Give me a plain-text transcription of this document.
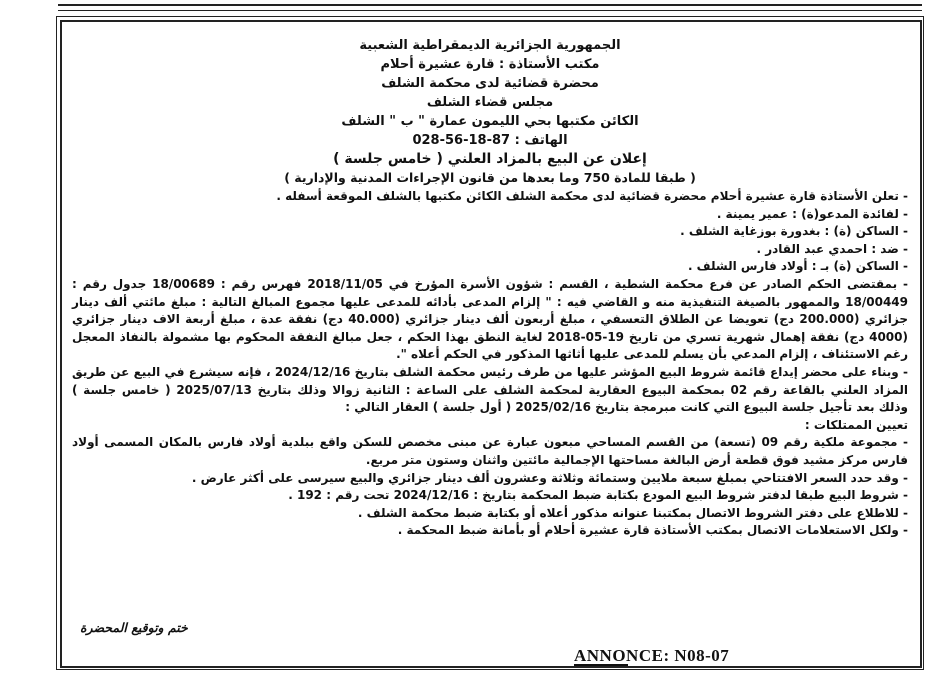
الجمهورية الجزائرية الديمقراطية الشعبية
مكتب الأستاذة : قارة عشيرة أحلام
محضرة قضائية لدى محكمة الشلف
مجلس قضاء الشلف
الكائن مكتبها بحي الليمون عمارة " ب " الشلف
الهاتف : 87-18-56-028
إعلان عن البيع بالمزاد العلني ( خامس جلسة )
( طبقا للمادة 750 وما بعدها من قانون الإجراءات المدنية والإدارية )

- تعلن الأستاذة قارة عشيرة أحلام محضرة قضائية لدى محكمة الشلف الكائن مكتبها بالشلف الموقعة أسفله .

- لفائدة المدعو(ة) : عمير يمينة .

- الساكن (ة) : بغدورة بوزغاية الشلف .

- ضد : احمدي عبد القادر .

- الساكن (ة) بـ : أولاد فارس الشلف .

- بمقتضى الحكم الصادر عن فرع محكمة الشطية ، القسم : شؤون الأسرة المؤرخ في 2018/11/05 فهرس رقم : 18/00689 جدول رقم : 18/00449 والممهور بالصيغة التنفيذية منه و القاضي فيه : " إلزام المدعى بأدائه للمدعى عليها مجموع المبالغ التالية : مبلغ مائتي ألف دينار جزائري (200.000 دج) تعويضا عن الطلاق التعسفي ، مبلغ أربعون ألف دينار جزائري (40.000 دج) نفقة عدة ، مبلغ أربعة الاف دينار جزائري (4000 دج) نفقة إهمال شهرية تسري من تاريخ 19-05-2018 لغاية النطق بهذا الحكم ، جعل مبالغ النفقة المحكوم بها مشمولة بالنفاذ المعجل رغم الاستئناف ، إلزام المدعي بأن يسلم للمدعى عليها أثاثها المذكور في الحكم أعلاه ".

- وبناء على محضر إيداع قائمة شروط البيع المؤشر عليها من طرف رئيس محكمة الشلف بتاريخ 2024/12/16 ، فإنه سيشرع في البيع عن طريق المزاد العلني بالقاعة رقم 02 بمحكمة البيوع العقارية لمحكمة الشلف على الساعة : الثانية زوالا وذلك بتاريخ 2025/07/13 ( خامس جلسة ) وذلك بعد تأجيل جلسة البيوع التي كانت مبرمجة بتاريخ 2025/02/16 ( أول جلسة ) العقار التالي :

تعيين الممتلكات :

- مجموعة ملكية رقم 09 (تسعة) من القسم المساحي مبعون عبارة عن مبنى مخصص للسكن واقع ببلدية أولاد فارس بالمكان المسمى أولاد فارس مركز مشيد فوق قطعة أرض البالغة مساحتها الإجمالية مائتين واثنان وستون متر مربع.

- وقد حدد السعر الافتتاحي بمبلغ سبعة ملايين وستمائة وثلاثة وعشرون ألف دينار جزائري والبيع سيرسى على أكثر عارض .

- شروط البيع طبقا لدفتر شروط البيع المودع بكتابة ضبط المحكمة بتاريخ : 2024/12/16 تحت رقم : 192 .

- للاطلاع على دفتر الشروط الاتصال بمكتبنا عنوانه مذكور أعلاه أو بكتابة ضبط محكمة الشلف .

- ولكل الاستعلامات الاتصال بمكتب الأستاذة قارة عشيرة أحلام أو بأمانة ضبط المحكمة .

ختم وتوقيع المحضرة
ANNONCE: N08-07
